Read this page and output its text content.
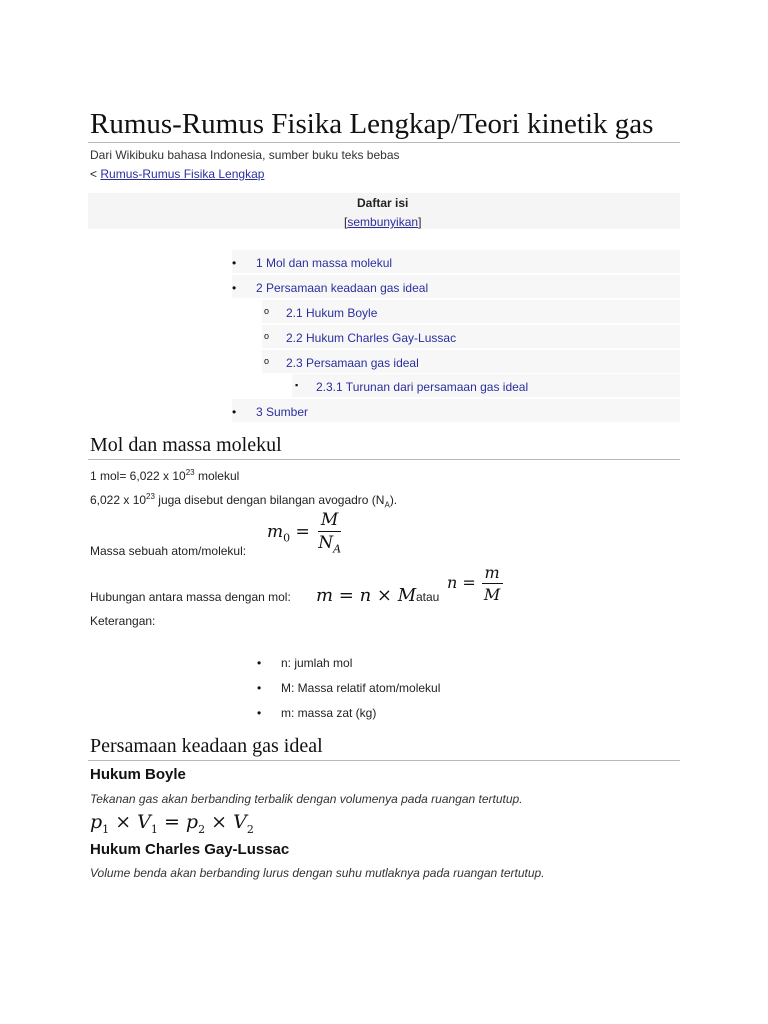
Rumus-Rumus Fisika Lengkap/Teori kinetik gas
Dari Wikibuku bahasa Indonesia, sumber buku teks bebas
< Rumus-Rumus Fisika Lengkap
Daftar isi
[sembunyikan]
• 1 Mol dan massa molekul
• 2 Persamaan keadaan gas ideal
o 2.1 Hukum Boyle
o 2.2 Hukum Charles Gay-Lussac
o 2.3 Persamaan gas ideal
▪ 2.3.1 Turunan dari persamaan gas ideal
• 3 Sumber
Mol dan massa molekul
1 mol= 6,022 x $10^{23}$ molekul
6,022 x $10^{23}$ juga disebut dengan bilangan avogadro $(N_A)$.
Massa sebuah atom/molekul:
$m_0 = \frac{M}{N_A}$
Hubungan antara massa dengan mol: m = n × M atau
$n = \frac{m}{M}$
Keterangan:
• n: jumlah mol
• M: Massa relatif atom/molekul
• m: massa zat (kg)
Persamaan keadaan gas ideal
Hukum Boyle
Tekanan gas akan berbanding terbalik dengan volumenya pada ruangan tertutup.
$p_1 \times V_1 = p_2 \times V_2$
Hukum Charles Gay-Lussac
Volume benda akan berbanding lurus dengan suhu mutlaknya pada ruangan tertutup.
